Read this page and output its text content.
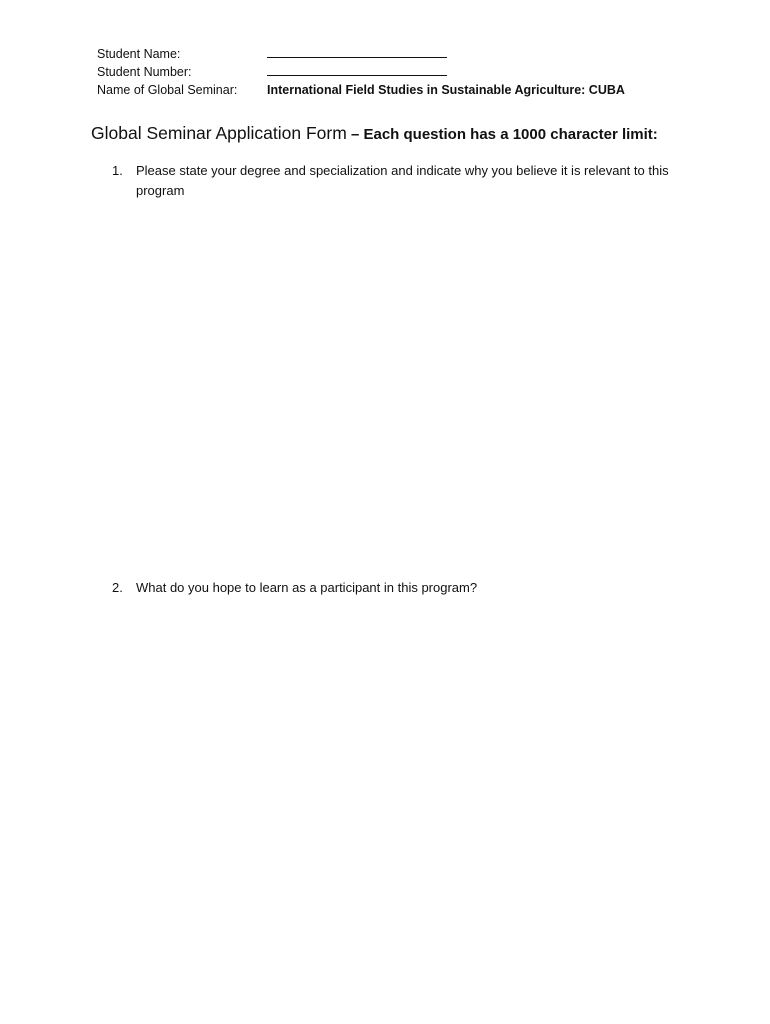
Student Name:
Student Number:
Name of Global Seminar: International Field Studies in Sustainable Agriculture: CUBA
Global Seminar Application Form – Each question has a 1000 character limit:
1. Please state your degree and specialization and indicate why you believe it is relevant to this program
2. What do you hope to learn as a participant in this program?
